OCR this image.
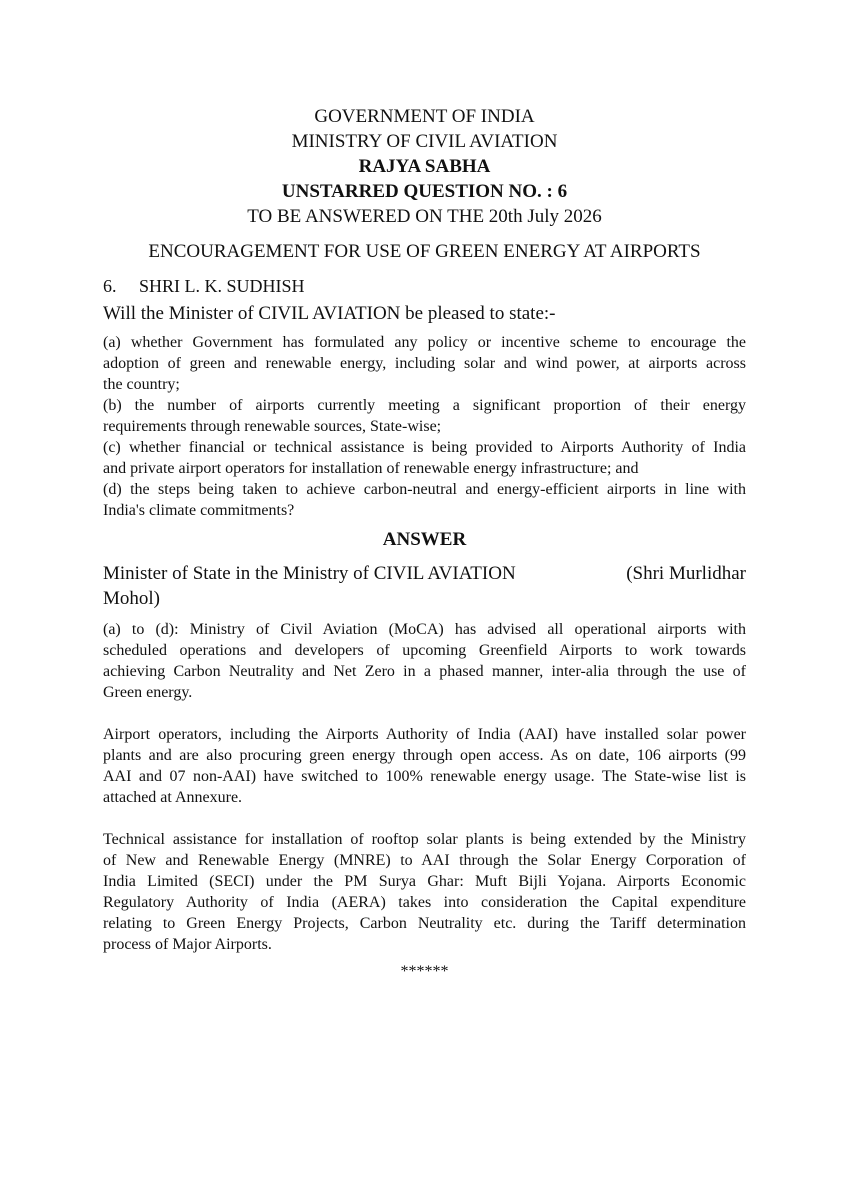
GOVERNMENT OF INDIA
MINISTRY OF CIVIL AVIATION
RAJYA SABHA
UNSTARRED QUESTION NO. : 6
TO BE ANSWERED ON THE 20th July 2026
ENCOURAGEMENT FOR USE OF GREEN ENERGY AT AIRPORTS
6. SHRI L. K. SUDHISH
Will the Minister of CIVIL AVIATION be pleased to state:-
(a) whether Government has formulated any policy or incentive scheme to encourage the
adoption of green and renewable energy, including solar and wind power, at airports across
the country;
(b) the number of airports currently meeting a significant proportion of their energy
requirements through renewable sources, State-wise;
(c) whether financial or technical assistance is being provided to Airports Authority of India
and private airport operators for installation of renewable energy infrastructure; and
(d) the steps being taken to achieve carbon-neutral and energy-efficient airports in line with
India's climate commitments?
ANSWER
Minister of State in the Ministry of CIVIL AVIATION	(Shri Murlidhar
Mohol)
(a) to (d): Ministry of Civil Aviation (MoCA) has advised all operational airports with
scheduled operations and developers of upcoming Greenfield Airports to work towards
achieving Carbon Neutrality and Net Zero in a phased manner, inter-alia through the use of
Green energy.
Airport operators, including the Airports Authority of India (AAI) have installed solar power
plants and are also procuring green energy through open access. As on date, 106 airports (99
AAI and 07 non-AAI) have switched to 100% renewable energy usage. The State-wise list is
attached at Annexure.
Technical assistance for installation of rooftop solar plants is being extended by the Ministry
of New and Renewable Energy (MNRE) to AAI through the Solar Energy Corporation of
India Limited (SECI) under the PM Surya Ghar: Muft Bijli Yojana. Airports Economic
Regulatory Authority of India (AERA) takes into consideration the Capital expenditure
relating to Green Energy Projects, Carbon Neutrality etc. during the Tariff determination
process of Major Airports.
******
